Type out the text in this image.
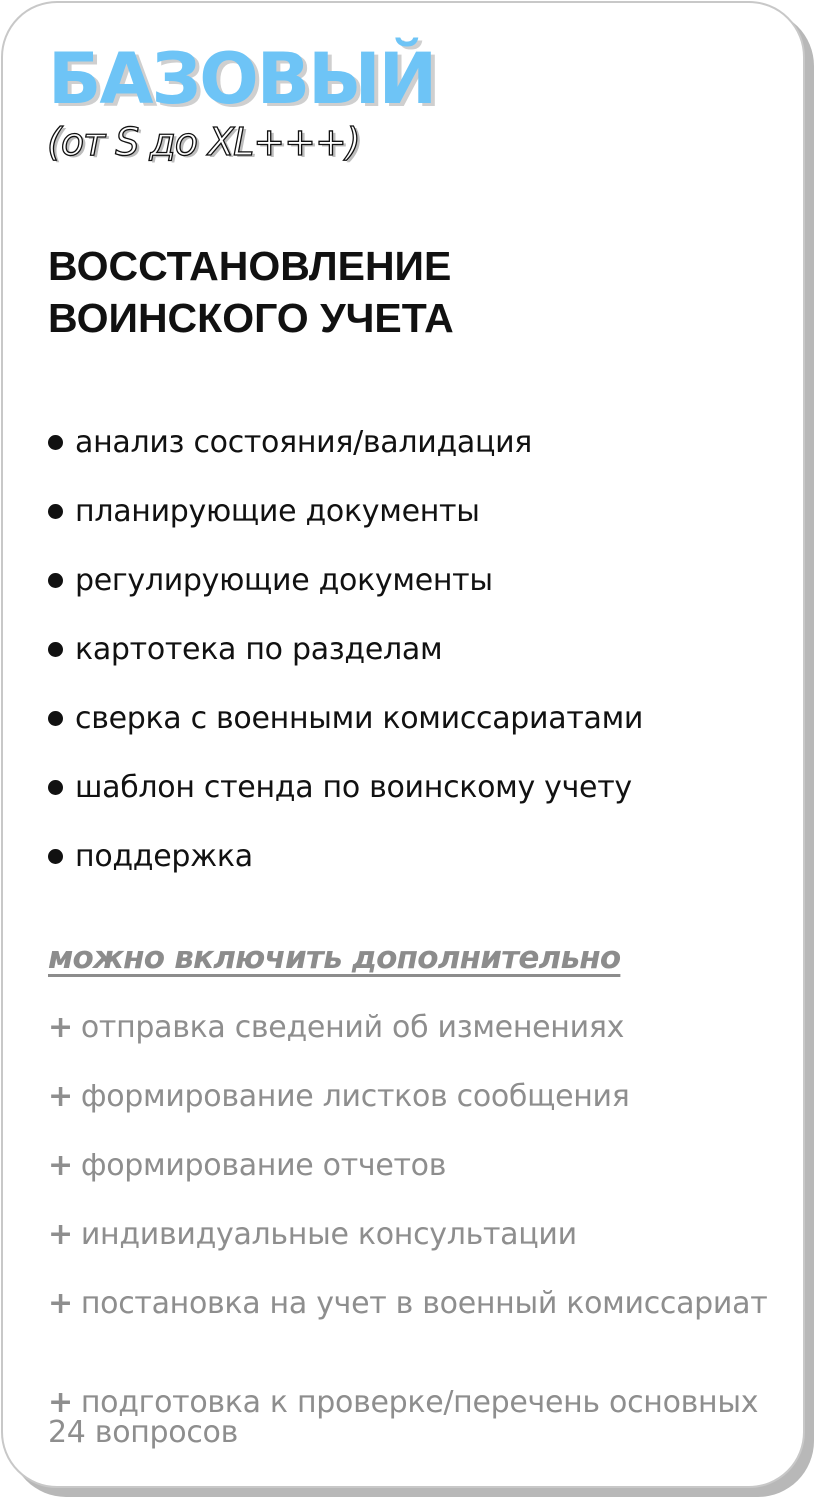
БАЗОВЫЙ
(от S до XL+++)
ВОССТАНОВЛЕНИЕ
ВОИНСКОГО УЧЕТА
анализ состояния/валидация
планирующие документы
регулирующие документы
картотека по разделам
сверка с военными комиссариатами
шаблон стенда по воинскому учету
поддержка
можно включить дополнительно
+ отправка сведений об изменениях
+ формирование листков сообщения
+ формирование отчетов
+ индивидуальные консультации
+ постановка на учет в военный комиссариат
+ подготовка к проверке/перечень основных 24 вопросов
